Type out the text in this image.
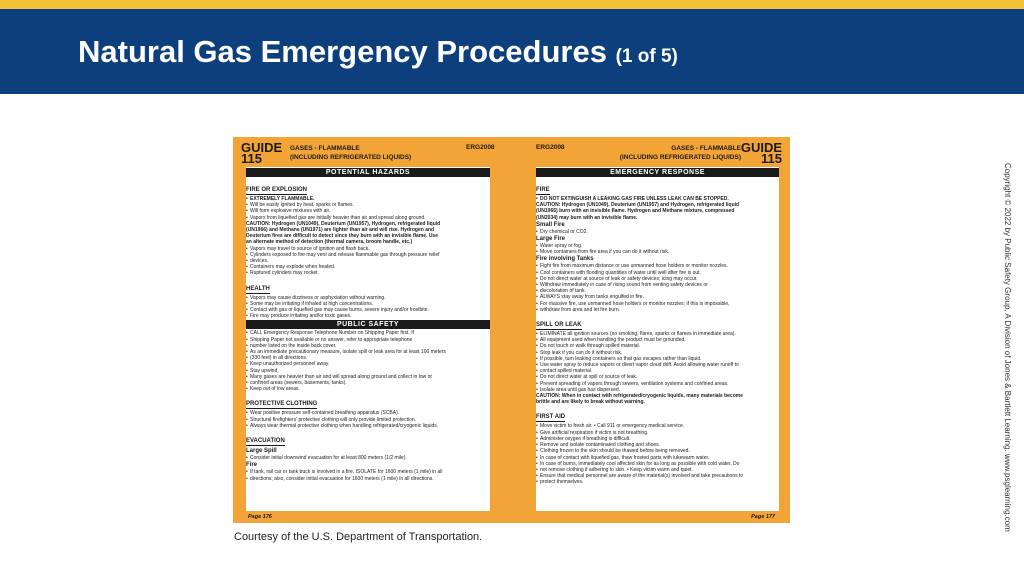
Natural Gas Emergency Procedures (1 of 5)
GUIDE
115
GASES - FLAMMABLE
(INCLUDING REFRIGERATED LIQUIDS)
ERG2008	ERG2008	GASES - FLAMMABLE
(INCLUDING REFRIGERATED LIQUIDS)
GUIDE
115
POTENTIAL HAZARDS
FIRE OR EXPLOSION
• EXTREMELY FLAMMABLE.
• Will be easily ignited by heat, sparks or flames.
• Will form explosive mixtures with air.
• Vapors from liquefied gas are initially heavier than air and spread along ground.
CAUTION: Hydrogen (UN1049), Deuterium (UN1957), Hydrogen, refrigerated liquid
(UN1966) and Methane (UN1971) are lighter than air and will rise. Hydrogen and
Deuterium fires are difficult to detect since they burn with an invisible flame. Use
an alternate method of detection (thermal camera, broom handle, etc.)
• Vapors may travel to source of ignition and flash back.
• Cylinders exposed to fire may vent and release flammable gas through pressure relief
• devices.
• Containers may explode when heated.
• Ruptured cylinders may rocket.
HEALTH
• Vapors may cause dizziness or asphyxiation without warning.
• Some may be irritating if inhaled at high concentrations.
• Contact with gas or liquefied gas may cause burns, severe injury and/or frostbite.
• Fire may produce irritating and/or toxic gases.
PUBLIC SAFETY
• CALL Emergency Response Telephone Number on Shipping Paper first. If
• Shipping Paper not available or no answer, refer to appropriate telephone
• number listed on the inside back cover.
• As an immediate precautionary measure, isolate spill or leak area for at least 100 meters
• (330 feet) in all directions.
• Keep unauthorized personnel away.
• Stay upwind.
• Many gases are heavier than air and will spread along ground and collect in low or
• confined areas (sewers, basements, tanks).
• Keep out of low areas.
PROTECTIVE CLOTHING
• Wear positive pressure self-contained breathing apparatus (SCBA).
• Structural firefighters' protective clothing will only provide limited protection.
• Always wear thermal protective clothing when handling refrigerated/cryogenic liquids.
EVACUATION
Large Spill
• Consider initial downwind evacuation for at least 800 meters (1/2 mile).
Fire
• If tank, rail car or tank truck is involved in a fire, ISOLATE for 1600 meters (1 mile) in all
• directions; also, consider initial evacuation for 1600 meters (1 mile) in all directions.
EMERGENCY RESPONSE
FIRE
• DO NOT EXTINGUISH A LEAKING GAS FIRE UNLESS LEAK CAN BE STOPPED.
CAUTION: Hydrogen (UN1049), Deuterium (UN1957) and Hydrogen, refrigerated liquid
(UN1966) burn with an invisible flame. Hydrogen and Methane mixture, compressed
(UN2034) may burn with an invisible flame.
Small Fire
• Dry chemical or CO2.
Large Fire
• Water spray or fog.
• Move containers from fire area if you can do it without risk.
Fire involving Tanks
• Fight fire from maximum distance or use unmanned hose holders or monitor nozzles.
• Cool containers with flooding quantities of water until well after fire is out.
• Do not direct water at source of leak or safety devices; icing may occur.
• Withdraw immediately in case of rising sound from venting safety devices or
• discoloration of tank.
• ALWAYS stay away from tanks engulfed in fire.
• For massive fire, use unmanned hose holders or monitor nozzles; if this is impossible,
• withdraw from area and let fire burn.
SPILL OR LEAK
• ELIMINATE all ignition sources (no smoking, flares, sparks or flames in immediate area).
• All equipment used when handling the product must be grounded.
• Do not touch or walk through spilled material.
• Stop leak if you can do it without risk.
• If possible, turn leaking containers so that gas escapes rather than liquid.
• Use water spray to reduce vapors or divert vapor cloud drift. Avoid allowing water runoff to
• contact spilled material.
• Do not direct water at spill or source of leak.
• Prevent spreading of vapors through sewers, ventilation systems and confined areas.
• Isolate area until gas has dispersed.
CAUTION: When in contact with refrigerated/cryogenic liquids, many materials become
brittle and are likely to break without warning.
FIRST AID
• Move victim to fresh air. • Call 911 or emergency medical service.
• Give artificial respiration if victim is not breathing.
• Administer oxygen if breathing is difficult.
• Remove and isolate contaminated clothing and shoes.
• Clothing frozen to the skin should be thawed before being removed.
• In case of contact with liquefied gas, thaw frosted parts with lukewarm water.
• In case of burns, immediately cool affected skin for as long as possible with cold water. Do
• not remove clothing if adhering to skin. • Keep victim warm and quiet.
• Ensure that medical personnel are aware of the material(s) involved and take precautions to
• protect themselves.
Page 176	Page 177
Courtesy of the U.S. Department of Transportation.
Copyright © 2022 by Public Safety Group, A Division of Jones & Bartlett Learning. www.psglearning.com
